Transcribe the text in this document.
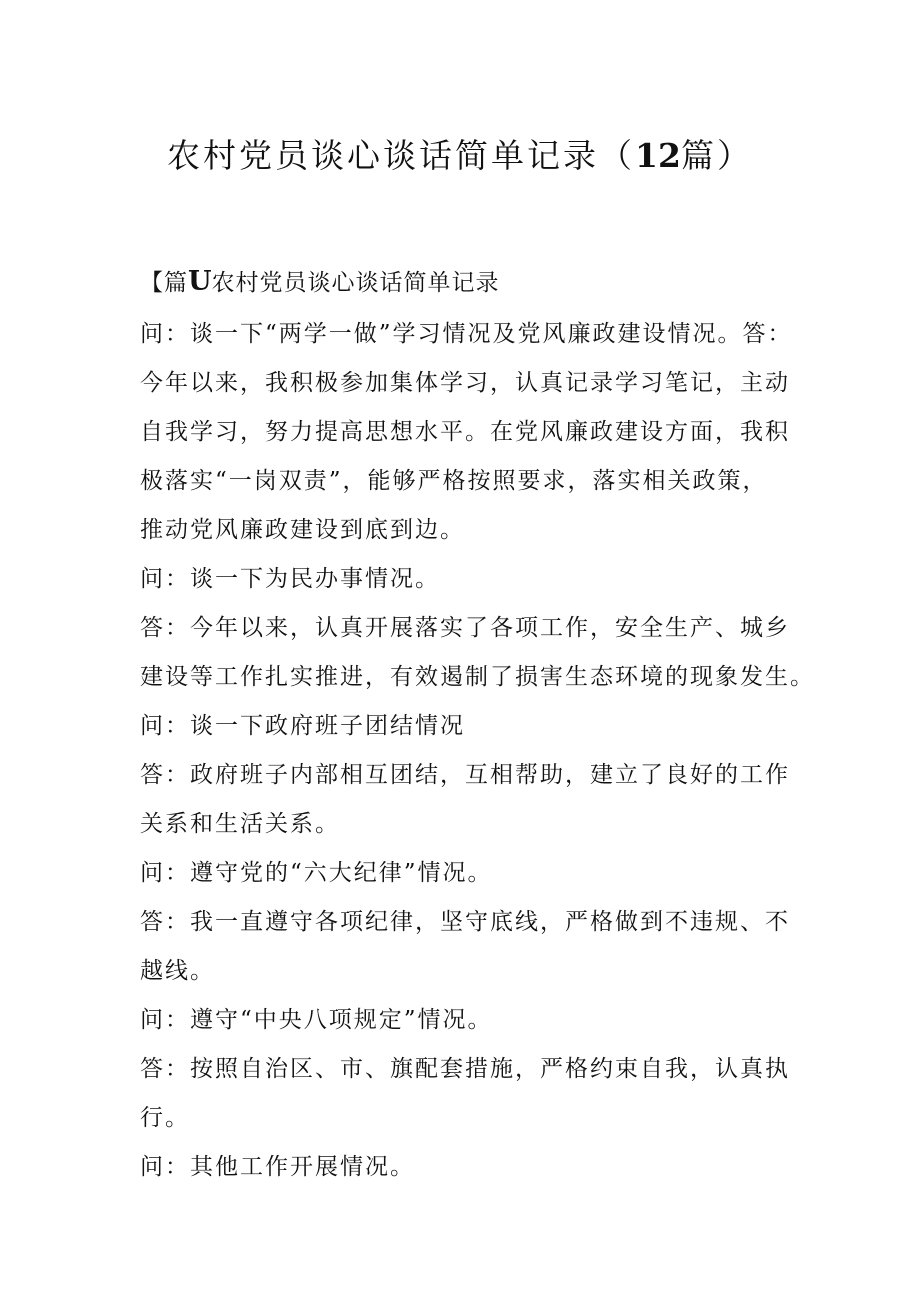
农村党员谈心谈话简单记录（12篇）
【篇U农村党员谈心谈话简单记录

问：谈一下“两学一做”学习情况及党风廉政建设情况。答：

今年以来，我积极参加集体学习，认真记录学习笔记，主动

自我学习，努力提高思想水平。在党风廉政建设方面，我积

极落实“一岗双责”，能够严格按照要求，落实相关政策，

推动党风廉政建设到底到边。

问：谈一下为民办事情况。

答：今年以来，认真开展落实了各项工作，安全生产、城乡

建设等工作扎实推进，有效遏制了损害生态环境的现象发生。

问：谈一下政府班子团结情况

答：政府班子内部相互团结，互相帮助，建立了良好的工作

关系和生活关系。

问：遵守党的“六大纪律”情况。

答：我一直遵守各项纪律，坚守底线，严格做到不违规、不

越线。

问：遵守“中央八项规定”情况。

答：按照自治区、市、旗配套措施，严格约束自我，认真执

行。

问：其他工作开展情况。
